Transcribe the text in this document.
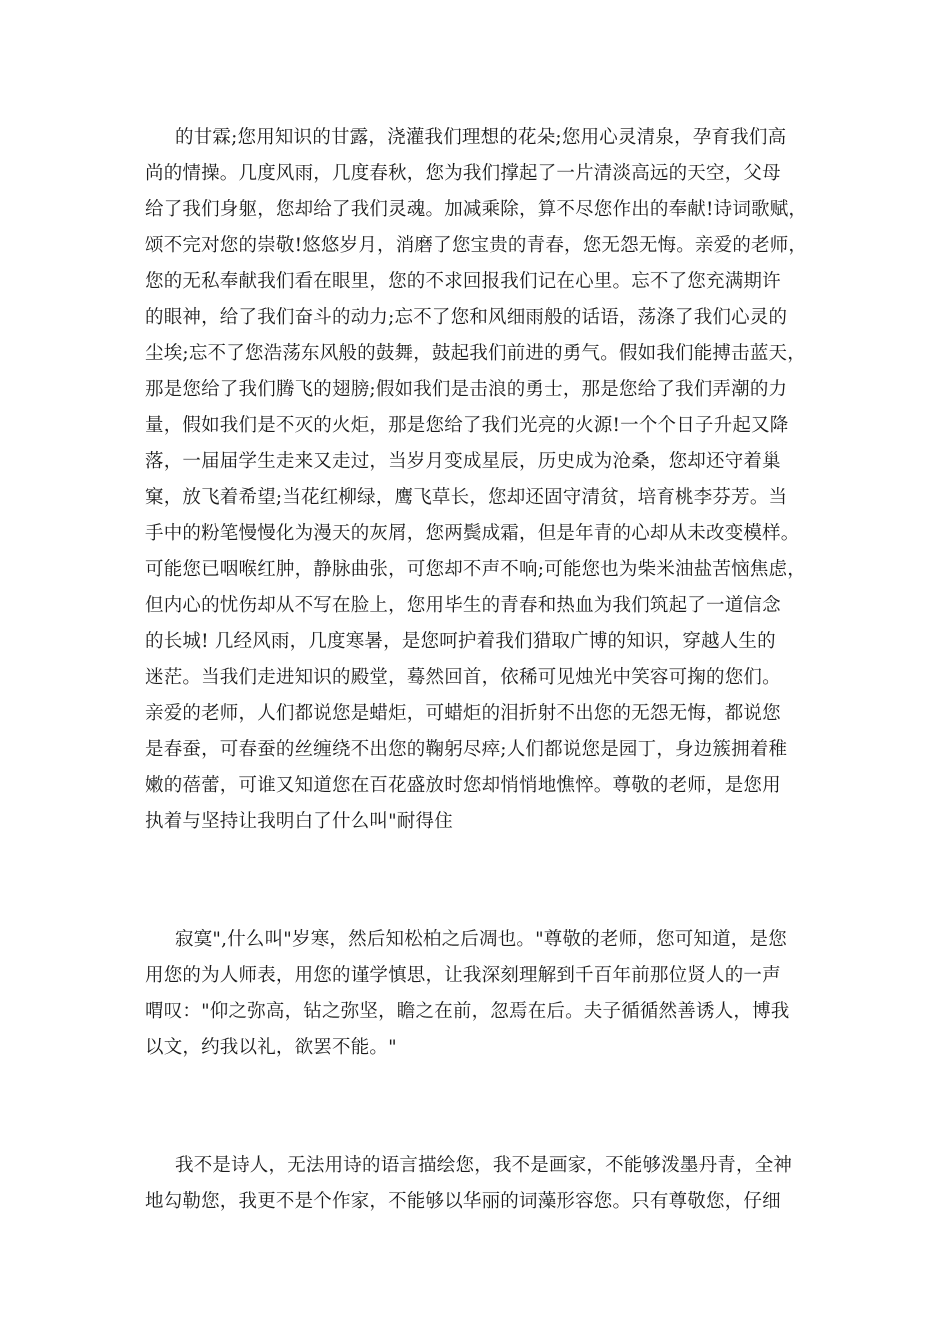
的甘霖;您用知识的甘露，浇灌我们理想的花朵;您用心灵清泉，孕育我们高
尚的情操。几度风雨，几度春秋，您为我们撑起了一片清淡高远的天空，父母
给了我们身躯，您却给了我们灵魂。加减乘除，算不尽您作出的奉献!诗词歌赋，
颂不完对您的崇敬!悠悠岁月，消磨了您宝贵的青春，您无怨无悔。亲爱的老师，
您的无私奉献我们看在眼里，您的不求回报我们记在心里。忘不了您充满期许
的眼神，给了我们奋斗的动力;忘不了您和风细雨般的话语，荡涤了我们心灵的
尘埃;忘不了您浩荡东风般的鼓舞，鼓起我们前进的勇气。假如我们能搏击蓝天，
那是您给了我们腾飞的翅膀;假如我们是击浪的勇士，那是您给了我们弄潮的力
量，假如我们是不灭的火炬，那是您给了我们光亮的火源!一个个日子升起又降
落，一届届学生走来又走过，当岁月变成星辰，历史成为沧桑，您却还守着巢
窠，放飞着希望;当花红柳绿，鹰飞草长，您却还固守清贫，培育桃李芬芳。当
手中的粉笔慢慢化为漫天的灰屑，您两鬓成霜，但是年青的心却从未改变模样。
可能您已咽喉红肿，静脉曲张，可您却不声不响;可能您也为柴米油盐苦恼焦虑，
但内心的忧伤却从不写在脸上，您用毕生的青春和热血为我们筑起了一道信念
的长城! 几经风雨，几度寒暑，是您呵护着我们猎取广博的知识，穿越人生的
迷茫。当我们走进知识的殿堂，蓦然回首，依稀可见烛光中笑容可掬的您们。
亲爱的老师，人们都说您是蜡炬，可蜡炬的泪折射不出您的无怨无悔，都说您
是春蚕，可春蚕的丝缠绕不出您的鞠躬尽瘁;人们都说您是园丁，身边簇拥着稚
嫩的蓓蕾，可谁又知道您在百花盛放时您却悄悄地憔悴。尊敬的老师，是您用
执着与坚持让我明白了什么叫"耐得住
寂寞",什么叫"岁寒，然后知松柏之后凋也。"尊敬的老师，您可知道，是您
用您的为人师表，用您的谨学慎思，让我深刻理解到千百年前那位贤人的一声
喟叹："仰之弥高，钻之弥坚，瞻之在前，忽焉在后。夫子循循然善诱人，博我
以文，约我以礼，欲罢不能。"
我不是诗人，无法用诗的语言描绘您，我不是画家，不能够泼墨丹青，全神
地勾勒您，我更不是个作家，不能够以华丽的词藻形容您。只有尊敬您，仔细
